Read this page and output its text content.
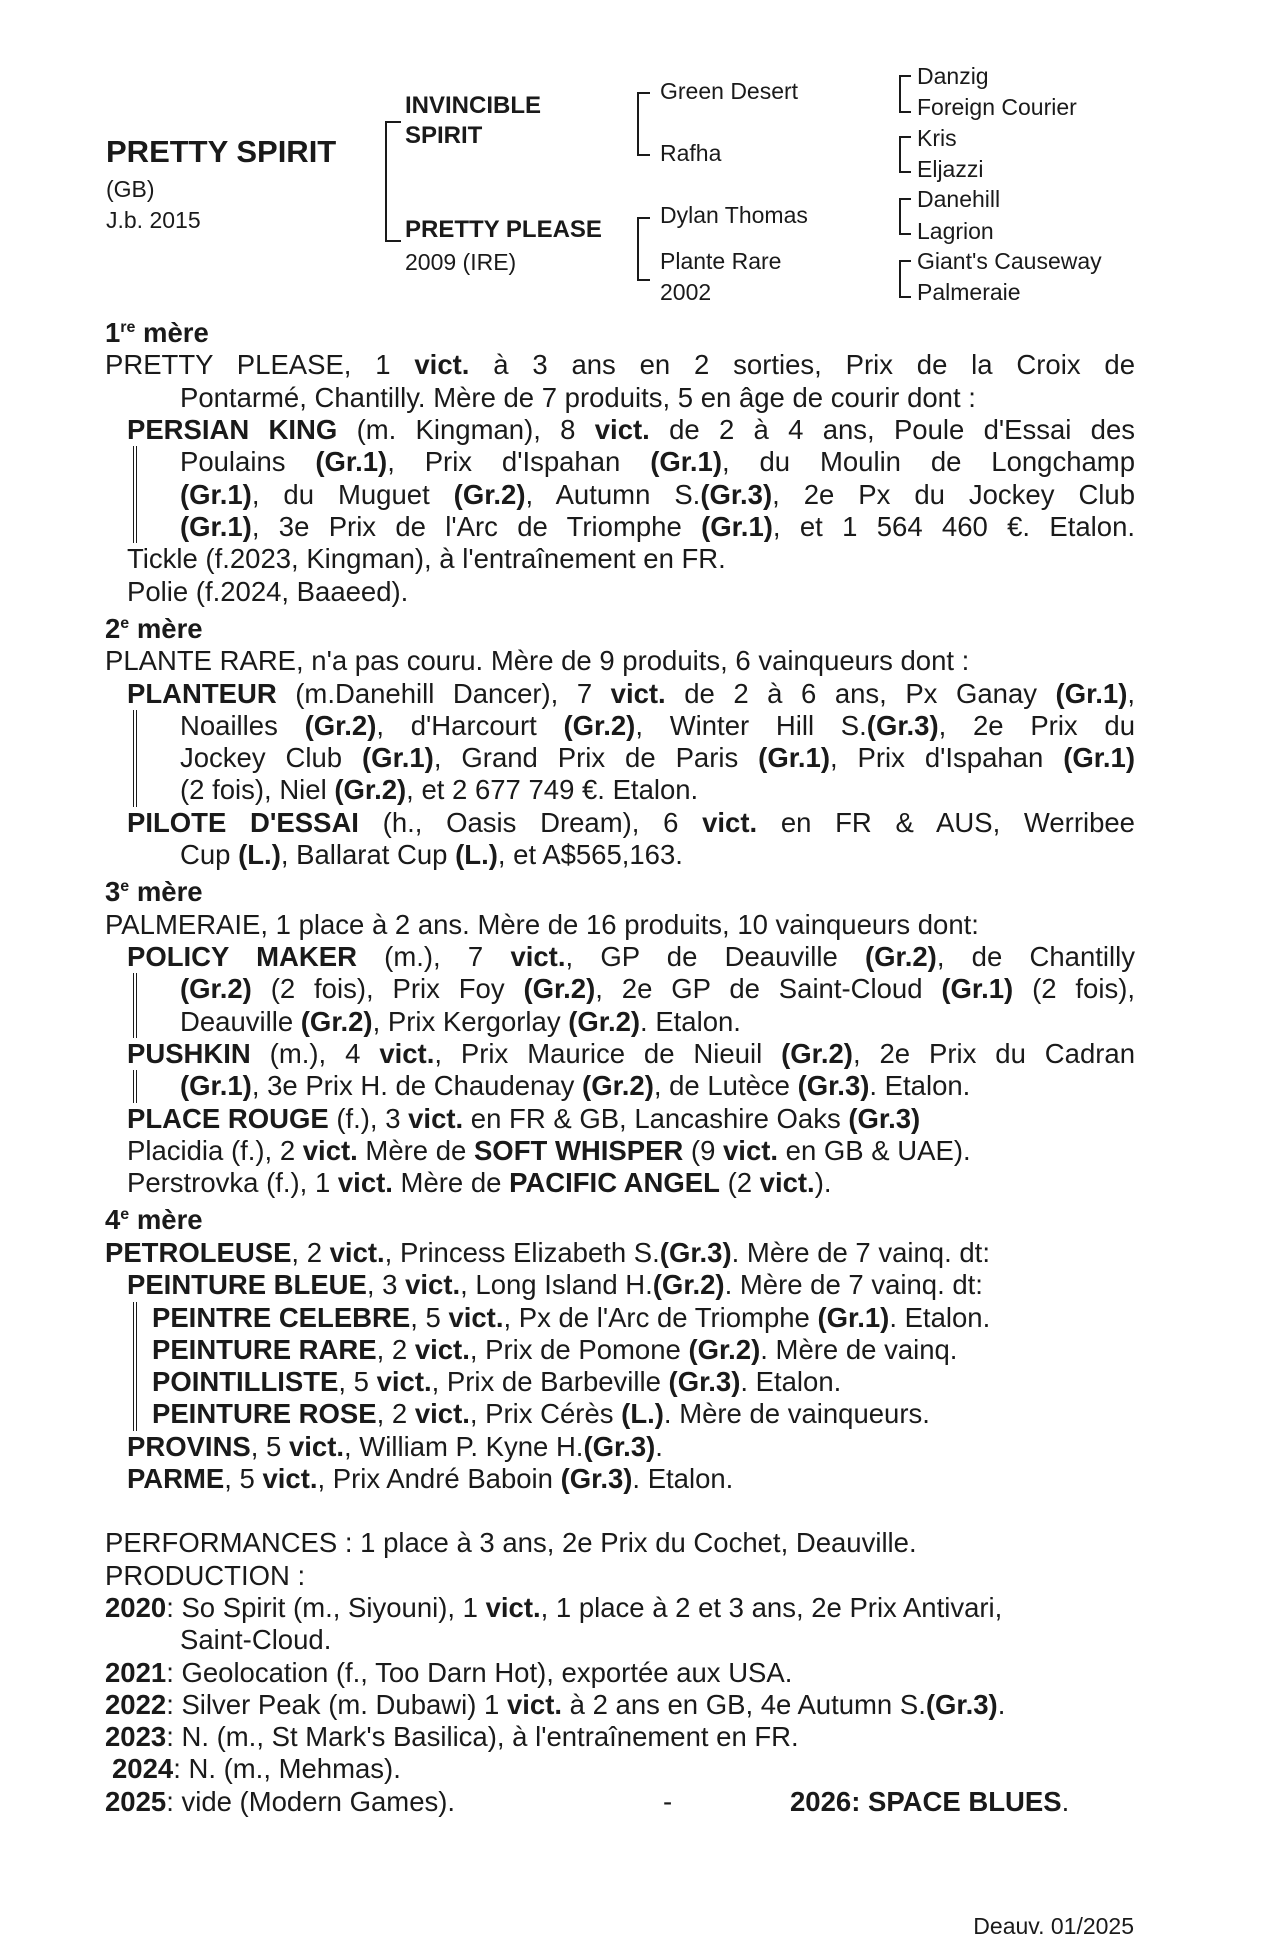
PRETTY SPIRIT
(GB)
J.b. 2015
INVINCIBLE
SPIRIT
PRETTY PLEASE
2009 (IRE)
Green Desert
Rafha
Dylan Thomas
Plante Rare
2002
Danzig
Foreign Courier
Kris
Eljazzi
Danehill
Lagrion
Giant's Causeway
Palmeraie
1re mère
PRETTY PLEASE, 1 vict. à 3 ans en 2 sorties, Prix de la Croix de
Pontarmé, Chantilly. Mère de 7 produits, 5 en âge de courir dont :
PERSIAN KING (m. Kingman), 8 vict. de 2 à 4 ans, Poule d'Essai des
Poulains (Gr.1), Prix d'Ispahan (Gr.1), du Moulin de Longchamp
(Gr.1), du Muguet (Gr.2), Autumn S.(Gr.3), 2e Px du Jockey Club
(Gr.1), 3e Prix de l'Arc de Triomphe (Gr.1), et 1 564 460 €. Etalon.
Tickle (f.2023, Kingman), à l'entraînement en FR.
Polie (f.2024, Baaeed).
2e mère
PLANTE RARE, n'a pas couru. Mère de 9 produits, 6 vainqueurs dont :
PLANTEUR (m.Danehill Dancer), 7 vict. de 2 à 6 ans, Px Ganay (Gr.1),
Noailles (Gr.2), d'Harcourt (Gr.2), Winter Hill S.(Gr.3), 2e Prix du
Jockey Club (Gr.1), Grand Prix de Paris (Gr.1), Prix d'Ispahan (Gr.1)
(2 fois), Niel (Gr.2), et 2 677 749 €. Etalon.
PILOTE D'ESSAI (h., Oasis Dream), 6 vict. en FR & AUS, Werribee
Cup (L.), Ballarat Cup (L.), et A$565,163.
3e mère
PALMERAIE, 1 place à 2 ans. Mère de 16 produits, 10 vainqueurs dont:
POLICY MAKER (m.), 7 vict., GP de Deauville (Gr.2), de Chantilly
(Gr.2) (2 fois), Prix Foy (Gr.2), 2e GP de Saint-Cloud (Gr.1) (2 fois),
Deauville (Gr.2), Prix Kergorlay (Gr.2). Etalon.
PUSHKIN (m.), 4 vict., Prix Maurice de Nieuil (Gr.2), 2e Prix du Cadran
(Gr.1), 3e Prix H. de Chaudenay (Gr.2), de Lutèce (Gr.3). Etalon.
PLACE ROUGE (f.), 3 vict. en FR & GB, Lancashire Oaks (Gr.3)
Placidia (f.), 2 vict. Mère de SOFT WHISPER (9 vict. en GB & UAE).
Perstrovka (f.), 1 vict. Mère de PACIFIC ANGEL (2 vict.).
4e mère
PETROLEUSE, 2 vict., Princess Elizabeth S.(Gr.3). Mère de 7 vainq. dt:
PEINTURE BLEUE, 3 vict., Long Island H.(Gr.2). Mère de 7 vainq. dt:
PEINTRE CELEBRE, 5 vict., Px de l'Arc de Triomphe (Gr.1). Etalon.
PEINTURE RARE, 2 vict., Prix de Pomone (Gr.2). Mère de vainq.
POINTILLISTE, 5 vict., Prix de Barbeville (Gr.3). Etalon.
PEINTURE ROSE, 2 vict., Prix Cérès (L.). Mère de vainqueurs.
PROVINS, 5 vict., William P. Kyne H.(Gr.3).
PARME, 5 vict., Prix André Baboin (Gr.3). Etalon.
PERFORMANCES : 1 place à 3 ans, 2e Prix du Cochet, Deauville.
PRODUCTION :
2020: So Spirit (m., Siyouni), 1 vict., 1 place à 2 et 3 ans, 2e Prix Antivari,
Saint-Cloud.
2021: Geolocation (f., Too Darn Hot), exportée aux USA.
2022: Silver Peak (m. Dubawi) 1 vict. à 2 ans en GB, 4e Autumn S.(Gr.3).
2023: N. (m., St Mark's Basilica), à l'entraînement en FR.
2024: N. (m., Mehmas).
2025: vide (Modern Games).	-	2026: SPACE BLUES.
Deauv. 01/2025
